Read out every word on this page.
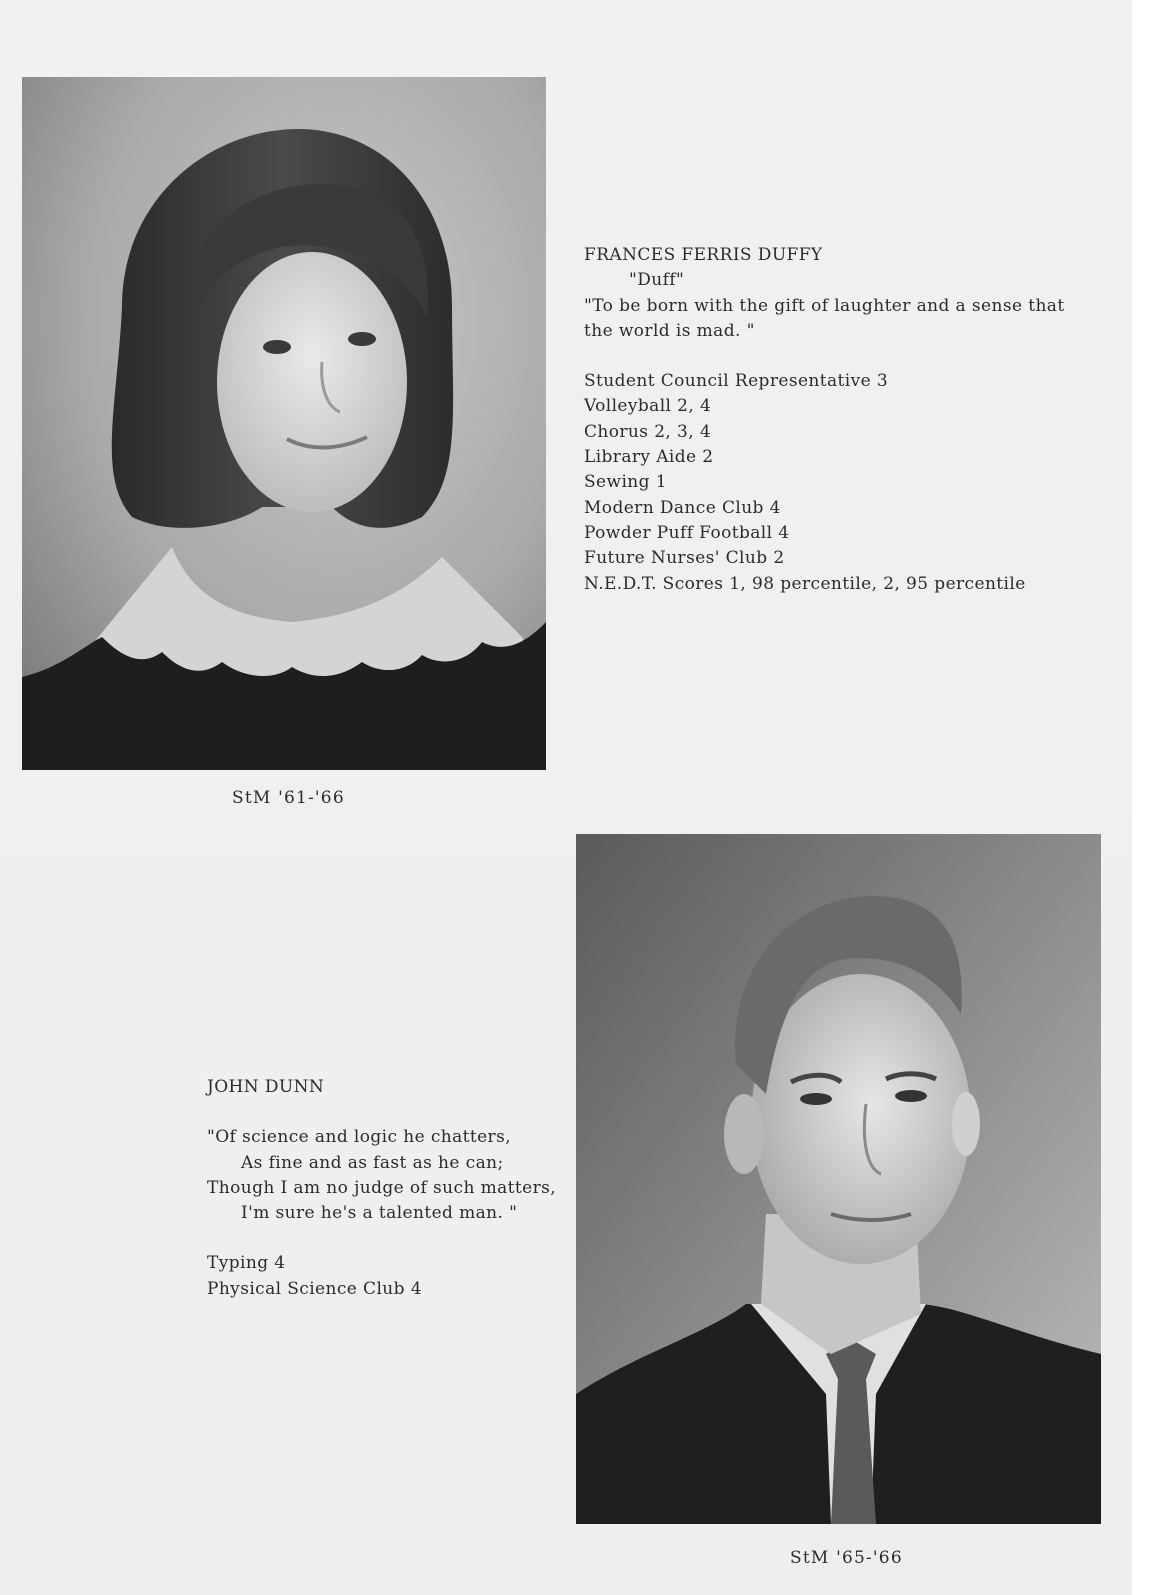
FRANCES FERRIS DUFFY
"Duff"
"To be born with the gift of laughter and a sense that
the world is mad. "
Student Council Representative 3
Volleyball 2, 4
Chorus 2, 3, 4
Library Aide 2
Sewing 1
Modern Dance Club 4
Powder Puff Football 4
Future Nurses' Club 2
N.E.D.T. Scores 1, 98 percentile, 2, 95 percentile
StM '61-'66
JOHN DUNN
"Of science and logic he chatters,
As fine and as fast as he can;
Though I am no judge of such matters,
I'm sure he's a talented man. "
Typing 4
Physical Science Club 4
StM '65-'66
